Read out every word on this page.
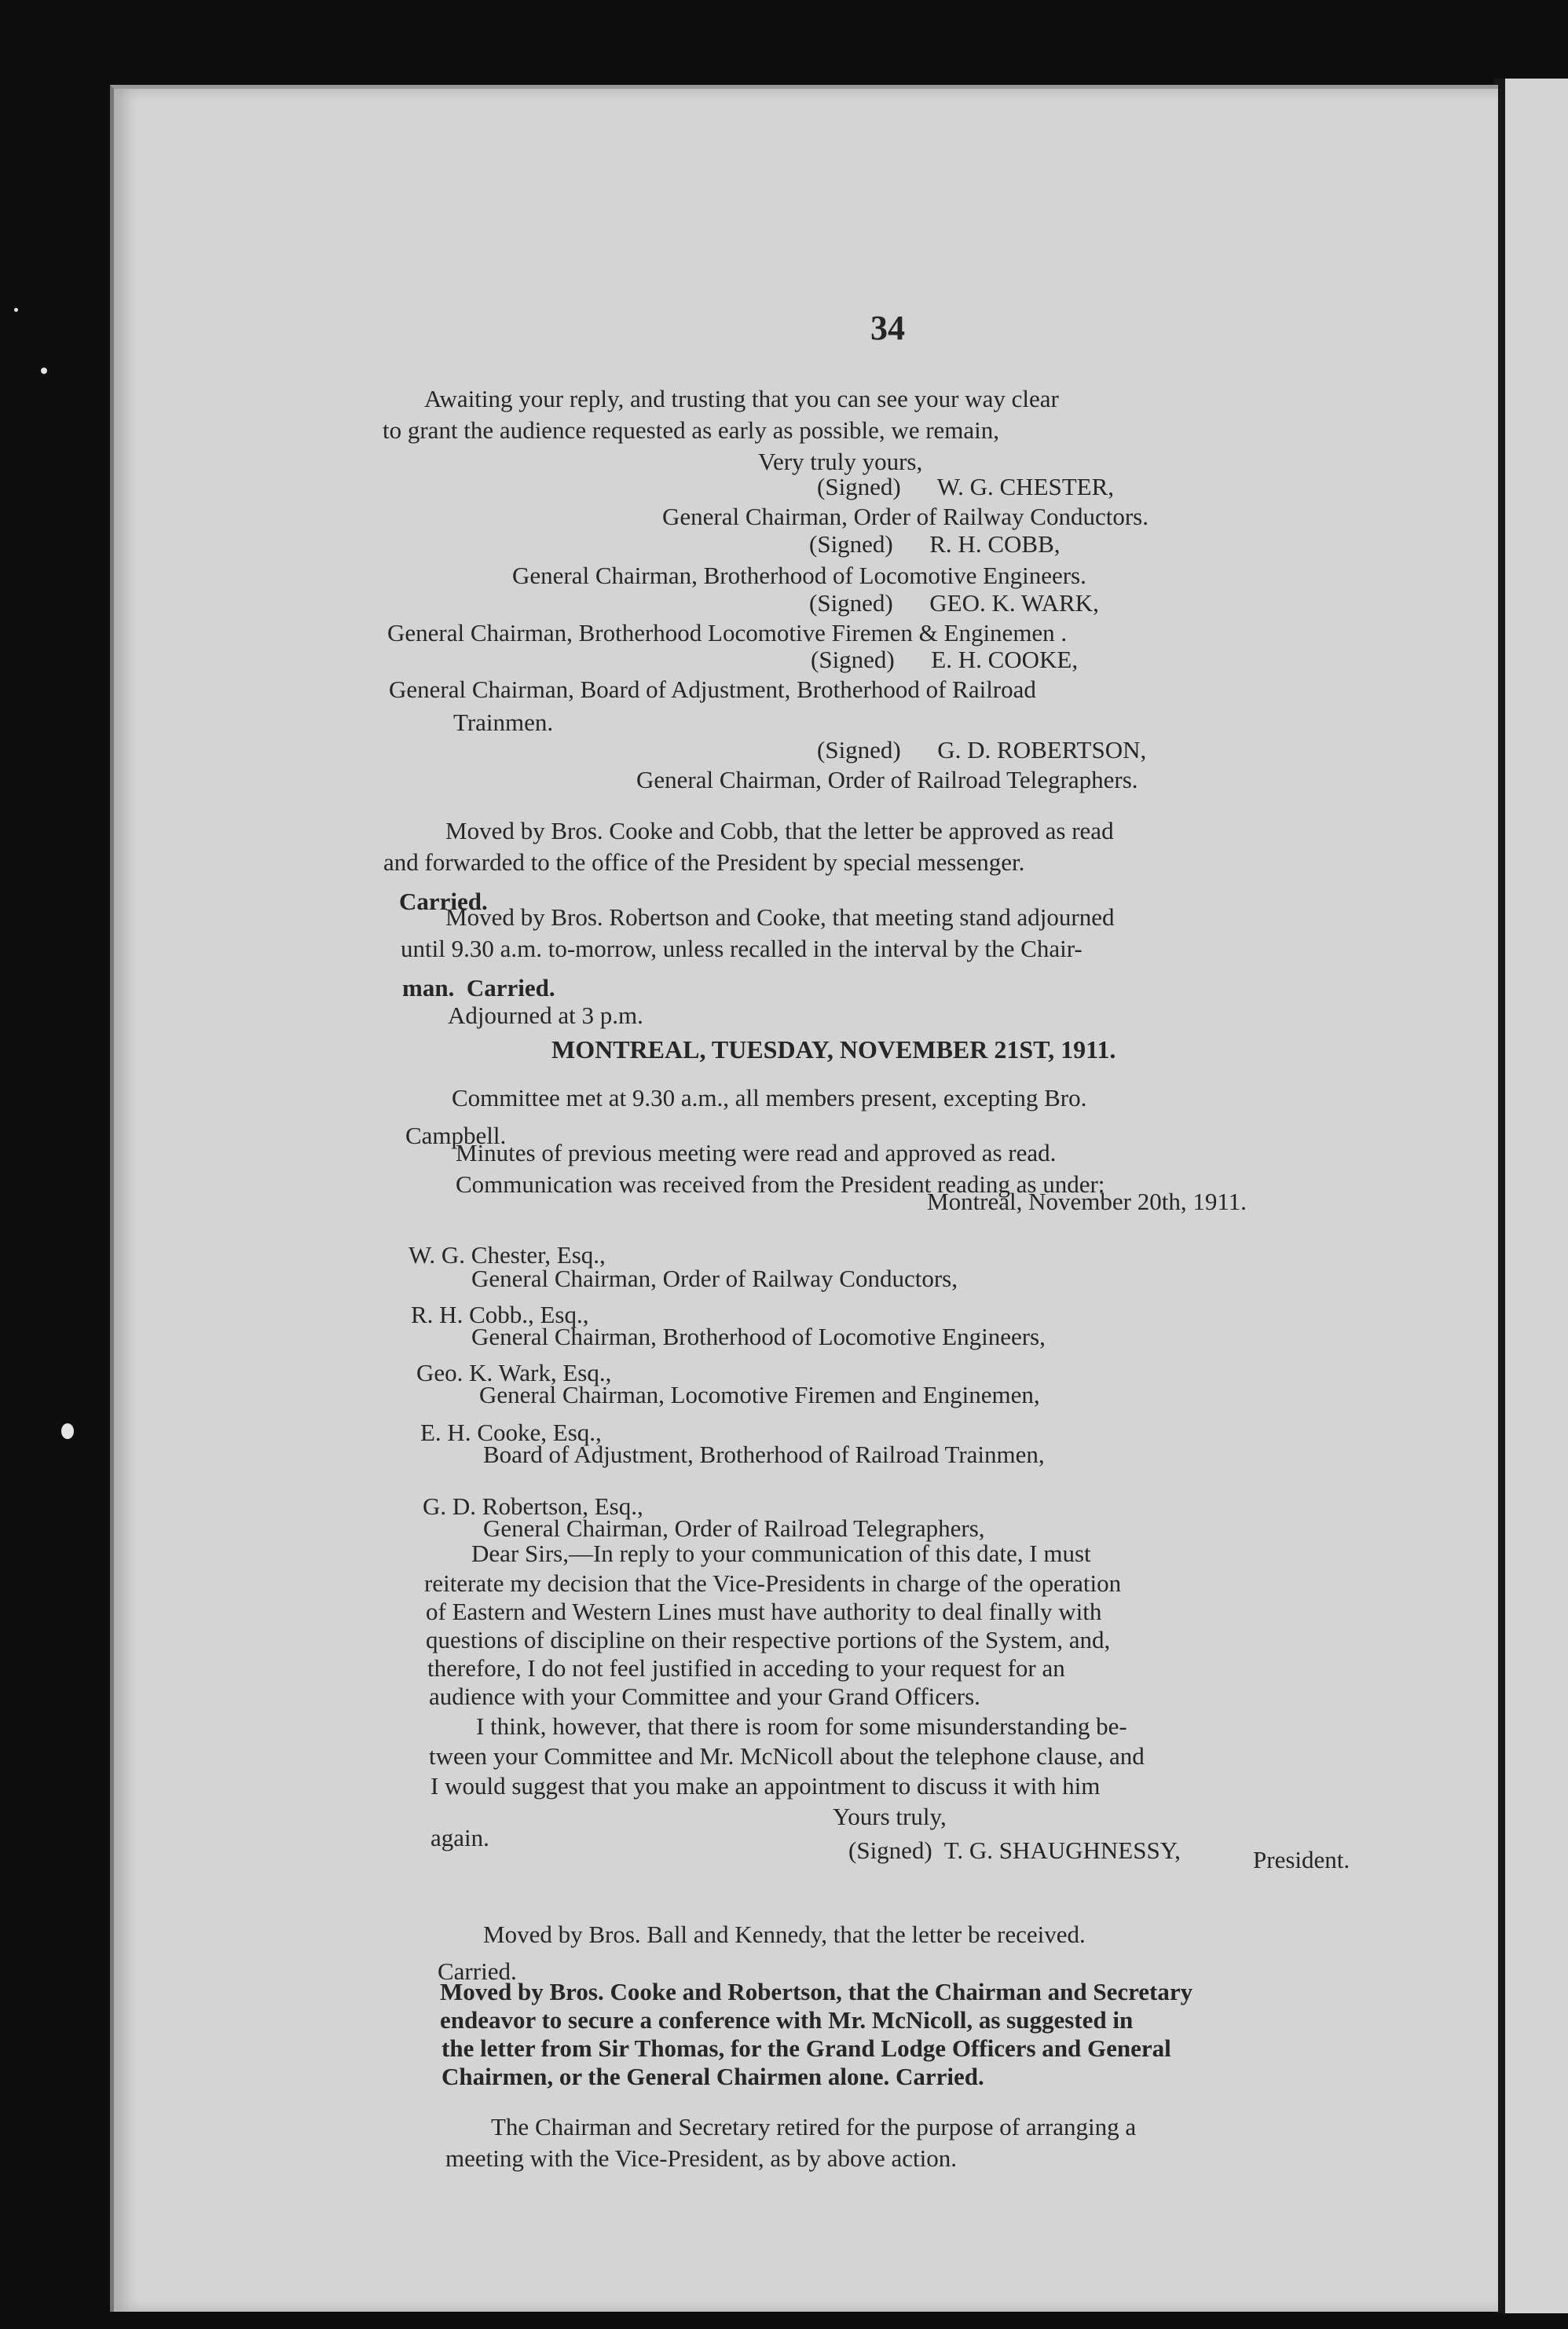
34
Awaiting your reply, and trusting that you can see your way clear
to grant the audience requested as early as possible, we remain,
Very truly yours,
(Signed)      W. G. CHESTER,
General Chairman, Order of Railway Conductors.
(Signed)      R. H. COBB,
General Chairman, Brotherhood of Locomotive Engineers.
(Signed)      GEO. K. WARK,
General Chairman, Brotherhood Locomotive Firemen & Enginemen .
(Signed)      E. H. COOKE,
General Chairman, Board of Adjustment, Brotherhood of Railroad
Trainmen.
(Signed)      G. D. ROBERTSON,
General Chairman, Order of Railroad Telegraphers.
Moved by Bros. Cooke and Cobb, that the letter be approved as read
and forwarded to the office of the President by special messenger.
Carried.
Moved by Bros. Robertson and Cooke, that meeting stand adjourned
until 9.30 a.m. to-morrow, unless recalled in the interval by the Chair-
man.  Carried.
Adjourned at 3 p.m.
MONTREAL, TUESDAY, NOVEMBER 21ST, 1911.
Committee met at 9.30 a.m., all members present, excepting Bro.
Campbell.
Minutes of previous meeting were read and approved as read.
Communication was received from the President reading as under:
Montreal, November 20th, 1911.
W. G. Chester, Esq.,
General Chairman, Order of Railway Conductors,
R. H. Cobb., Esq.,
General Chairman, Brotherhood of Locomotive Engineers,
Geo. K. Wark, Esq.,
General Chairman, Locomotive Firemen and Enginemen,
E. H. Cooke, Esq.,
Board of Adjustment, Brotherhood of Railroad Trainmen,
G. D. Robertson, Esq.,
General Chairman, Order of Railroad Telegraphers,
Dear Sirs,—In reply to your communication of this date, I must
reiterate my decision that the Vice-Presidents in charge of the operation
of Eastern and Western Lines must have authority to deal finally with
questions of discipline on their respective portions of the System, and,
therefore, I do not feel justified in acceding to your request for an
audience with your Committee and your Grand Officers.
I think, however, that there is room for some misunderstanding be-
tween your Committee and Mr. McNicoll about the telephone clause, and
I would suggest that you make an appointment to discuss it with him
again.
Yours truly,
(Signed)  T. G. SHAUGHNESSY,	President.
Moved by Bros. Ball and Kennedy, that the letter be received.
Carried.
Moved by Bros. Cooke and Robertson, that the Chairman and Secretary
endeavor to secure a conference with Mr. McNicoll, as suggested in
the letter from Sir Thomas, for the Grand Lodge Officers and General
Chairmen, or the General Chairmen alone. Carried.
The Chairman and Secretary retired for the purpose of arranging a
meeting with the Vice-President, as by above action.
